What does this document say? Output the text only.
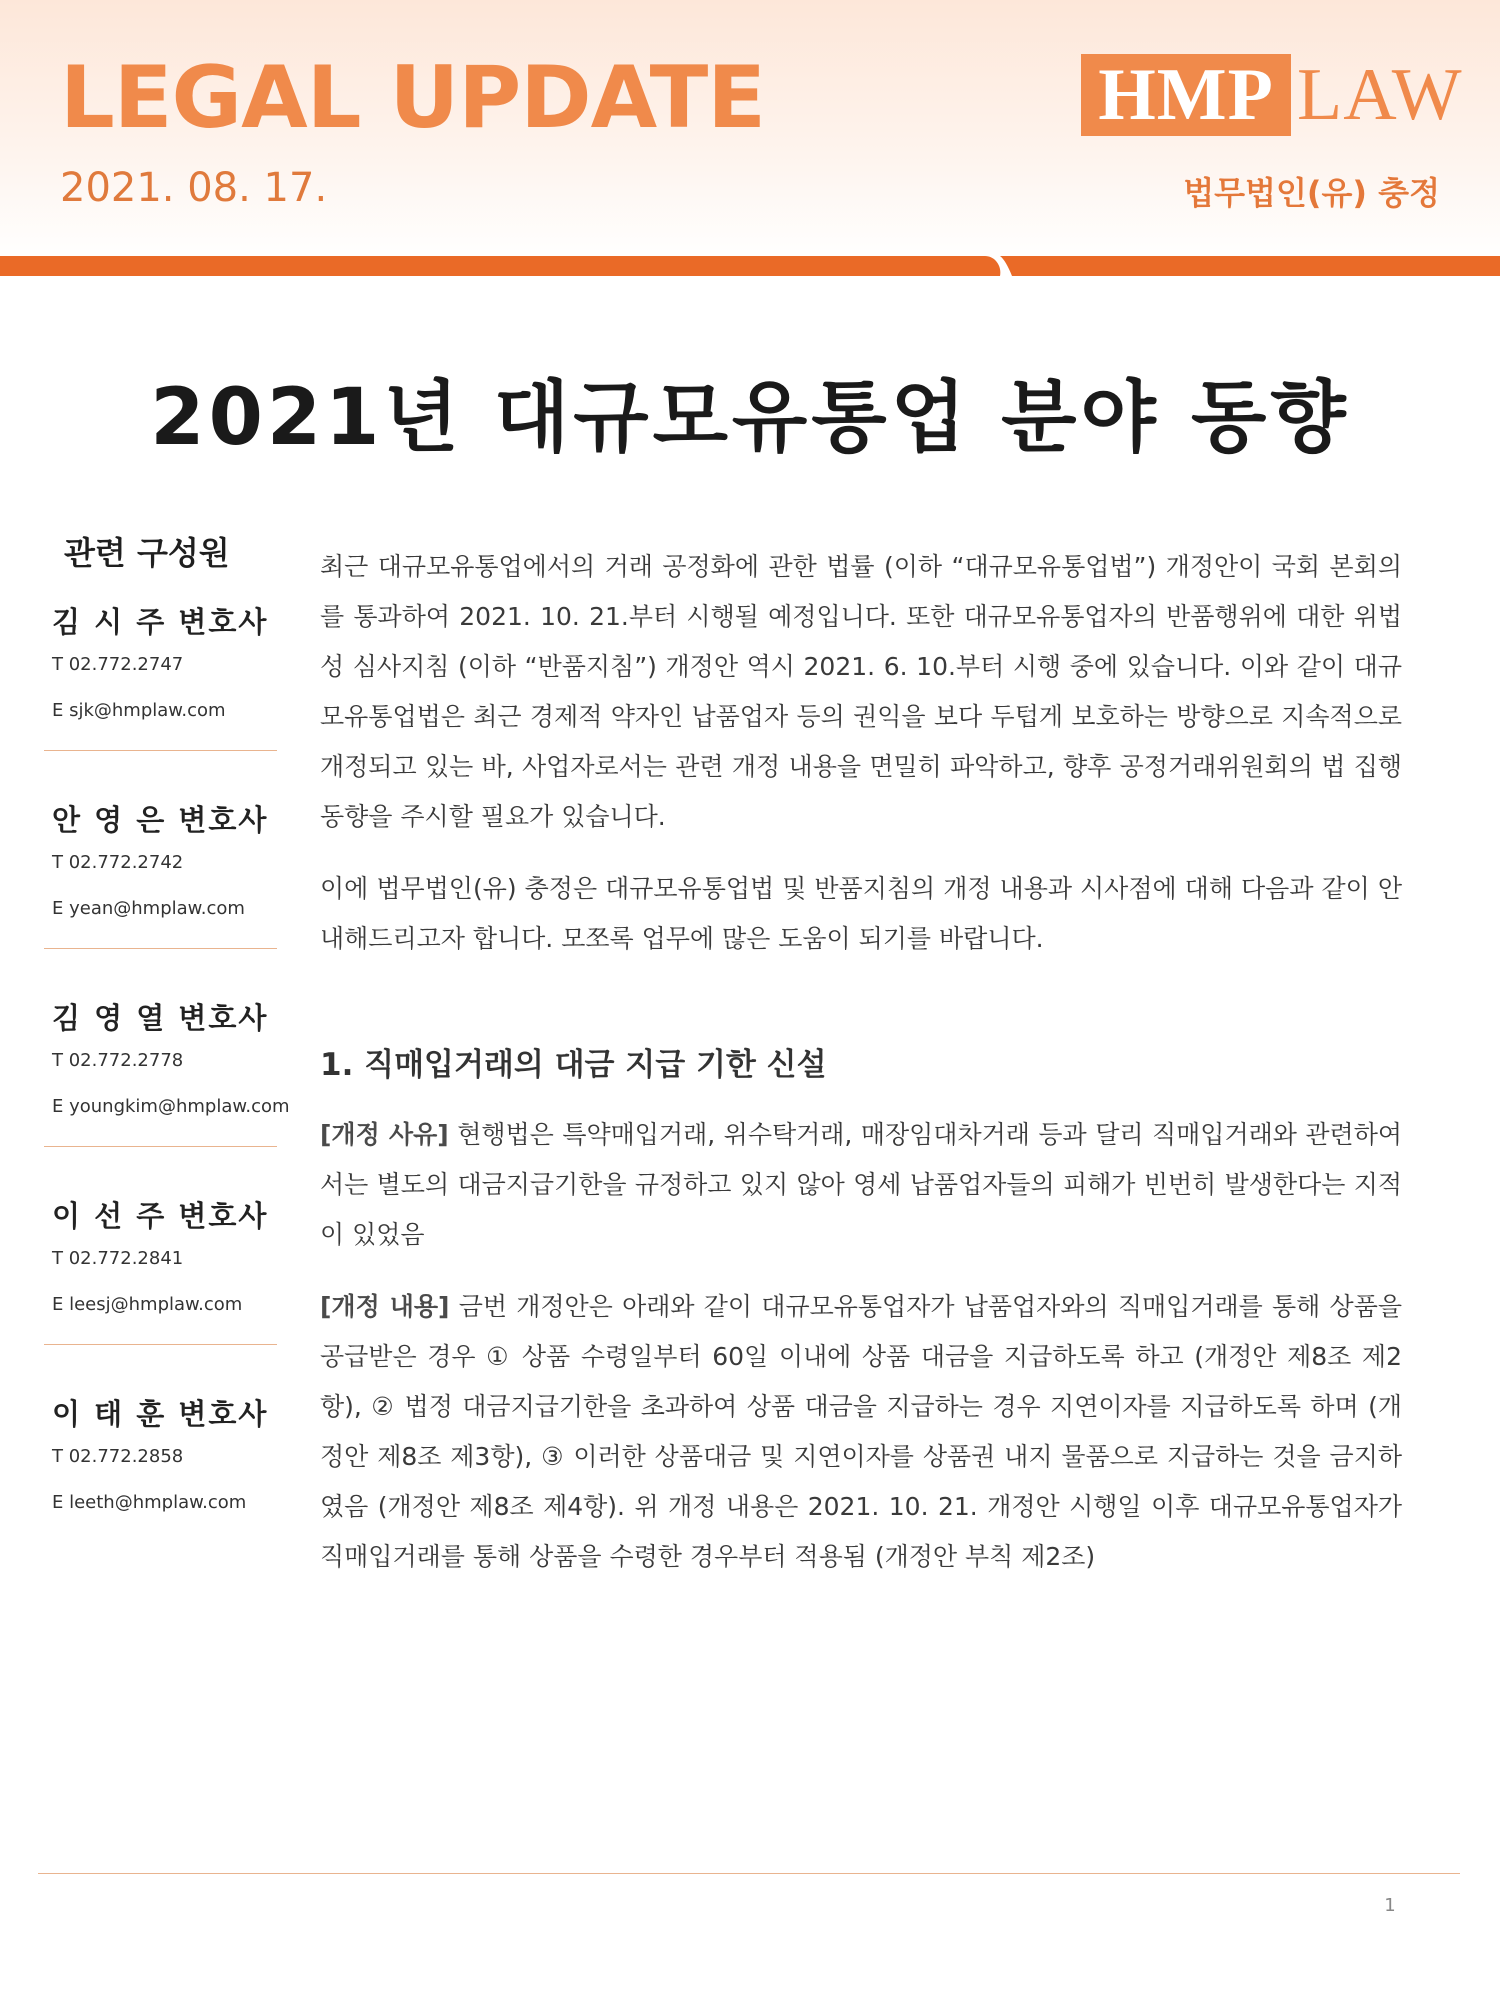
LEGAL UPDATE
2021. 08. 17.
HMP LAW
법무법인(유) 충정
2021년 대규모유통업 분야 동향
관련 구성원
김 시 주 변호사
T 02.772.2747
E sjk@hmplaw.com
안 영 은 변호사
T 02.772.2742
E yean@hmplaw.com
김 영 열 변호사
T 02.772.2778
E youngkim@hmplaw.com
이 선 주 변호사
T 02.772.2841
E leesj@hmplaw.com
이 태 훈 변호사
T 02.772.2858
E leeth@hmplaw.com

최근 대규모유통업에서의 거래 공정화에 관한 법률 (이하 “대규모유통업법”) 개정안이 국회 본회의를 통과하여 2021. 10. 21.부터 시행될 예정입니다. 또한 대규모유통업자의 반품행위에 대한 위법성 심사지침 (이하 “반품지침”) 개정안 역시 2021. 6. 10.부터 시행 중에 있습니다. 이와 같이 대규모유통업법은 최근 경제적 약자인 납품업자 등의 권익을 보다 두텁게 보호하는 방향으로 지속적으로 개정되고 있는 바, 사업자로서는 관련 개정 내용을 면밀히 파악하고, 향후 공정거래위원회의 법 집행 동향을 주시할 필요가 있습니다.

이에 법무법인(유) 충정은 대규모유통업법 및 반품지침의 개정 내용과 시사점에 대해 다음과 같이 안내해드리고자 합니다. 모쪼록 업무에 많은 도움이 되기를 바랍니다.

1. 직매입거래의 대금 지급 기한 신설

[개정 사유] 현행법은 특약매입거래, 위수탁거래, 매장임대차거래 등과 달리 직매입거래와 관련하여서는 별도의 대금지급기한을 규정하고 있지 않아 영세 납품업자들의 피해가 빈번히 발생한다는 지적이 있었음

[개정 내용] 금번 개정안은 아래와 같이 대규모유통업자가 납품업자와의 직매입거래를 통해 상품을 공급받은 경우 ① 상품 수령일부터 60일 이내에 상품 대금을 지급하도록 하고 (개정안 제8조 제2항), ② 법정 대금지급기한을 초과하여 상품 대금을 지급하는 경우 지연이자를 지급하도록 하며 (개정안 제8조 제3항), ③ 이러한 상품대금 및 지연이자를 상품권 내지 물품으로 지급하는 것을 금지하였음 (개정안 제8조 제4항). 위 개정 내용은 2021. 10. 21. 개정안 시행일 이후 대규모유통업자가 직매입거래를 통해 상품을 수령한 경우부터 적용됨 (개정안 부칙 제2조)

1
